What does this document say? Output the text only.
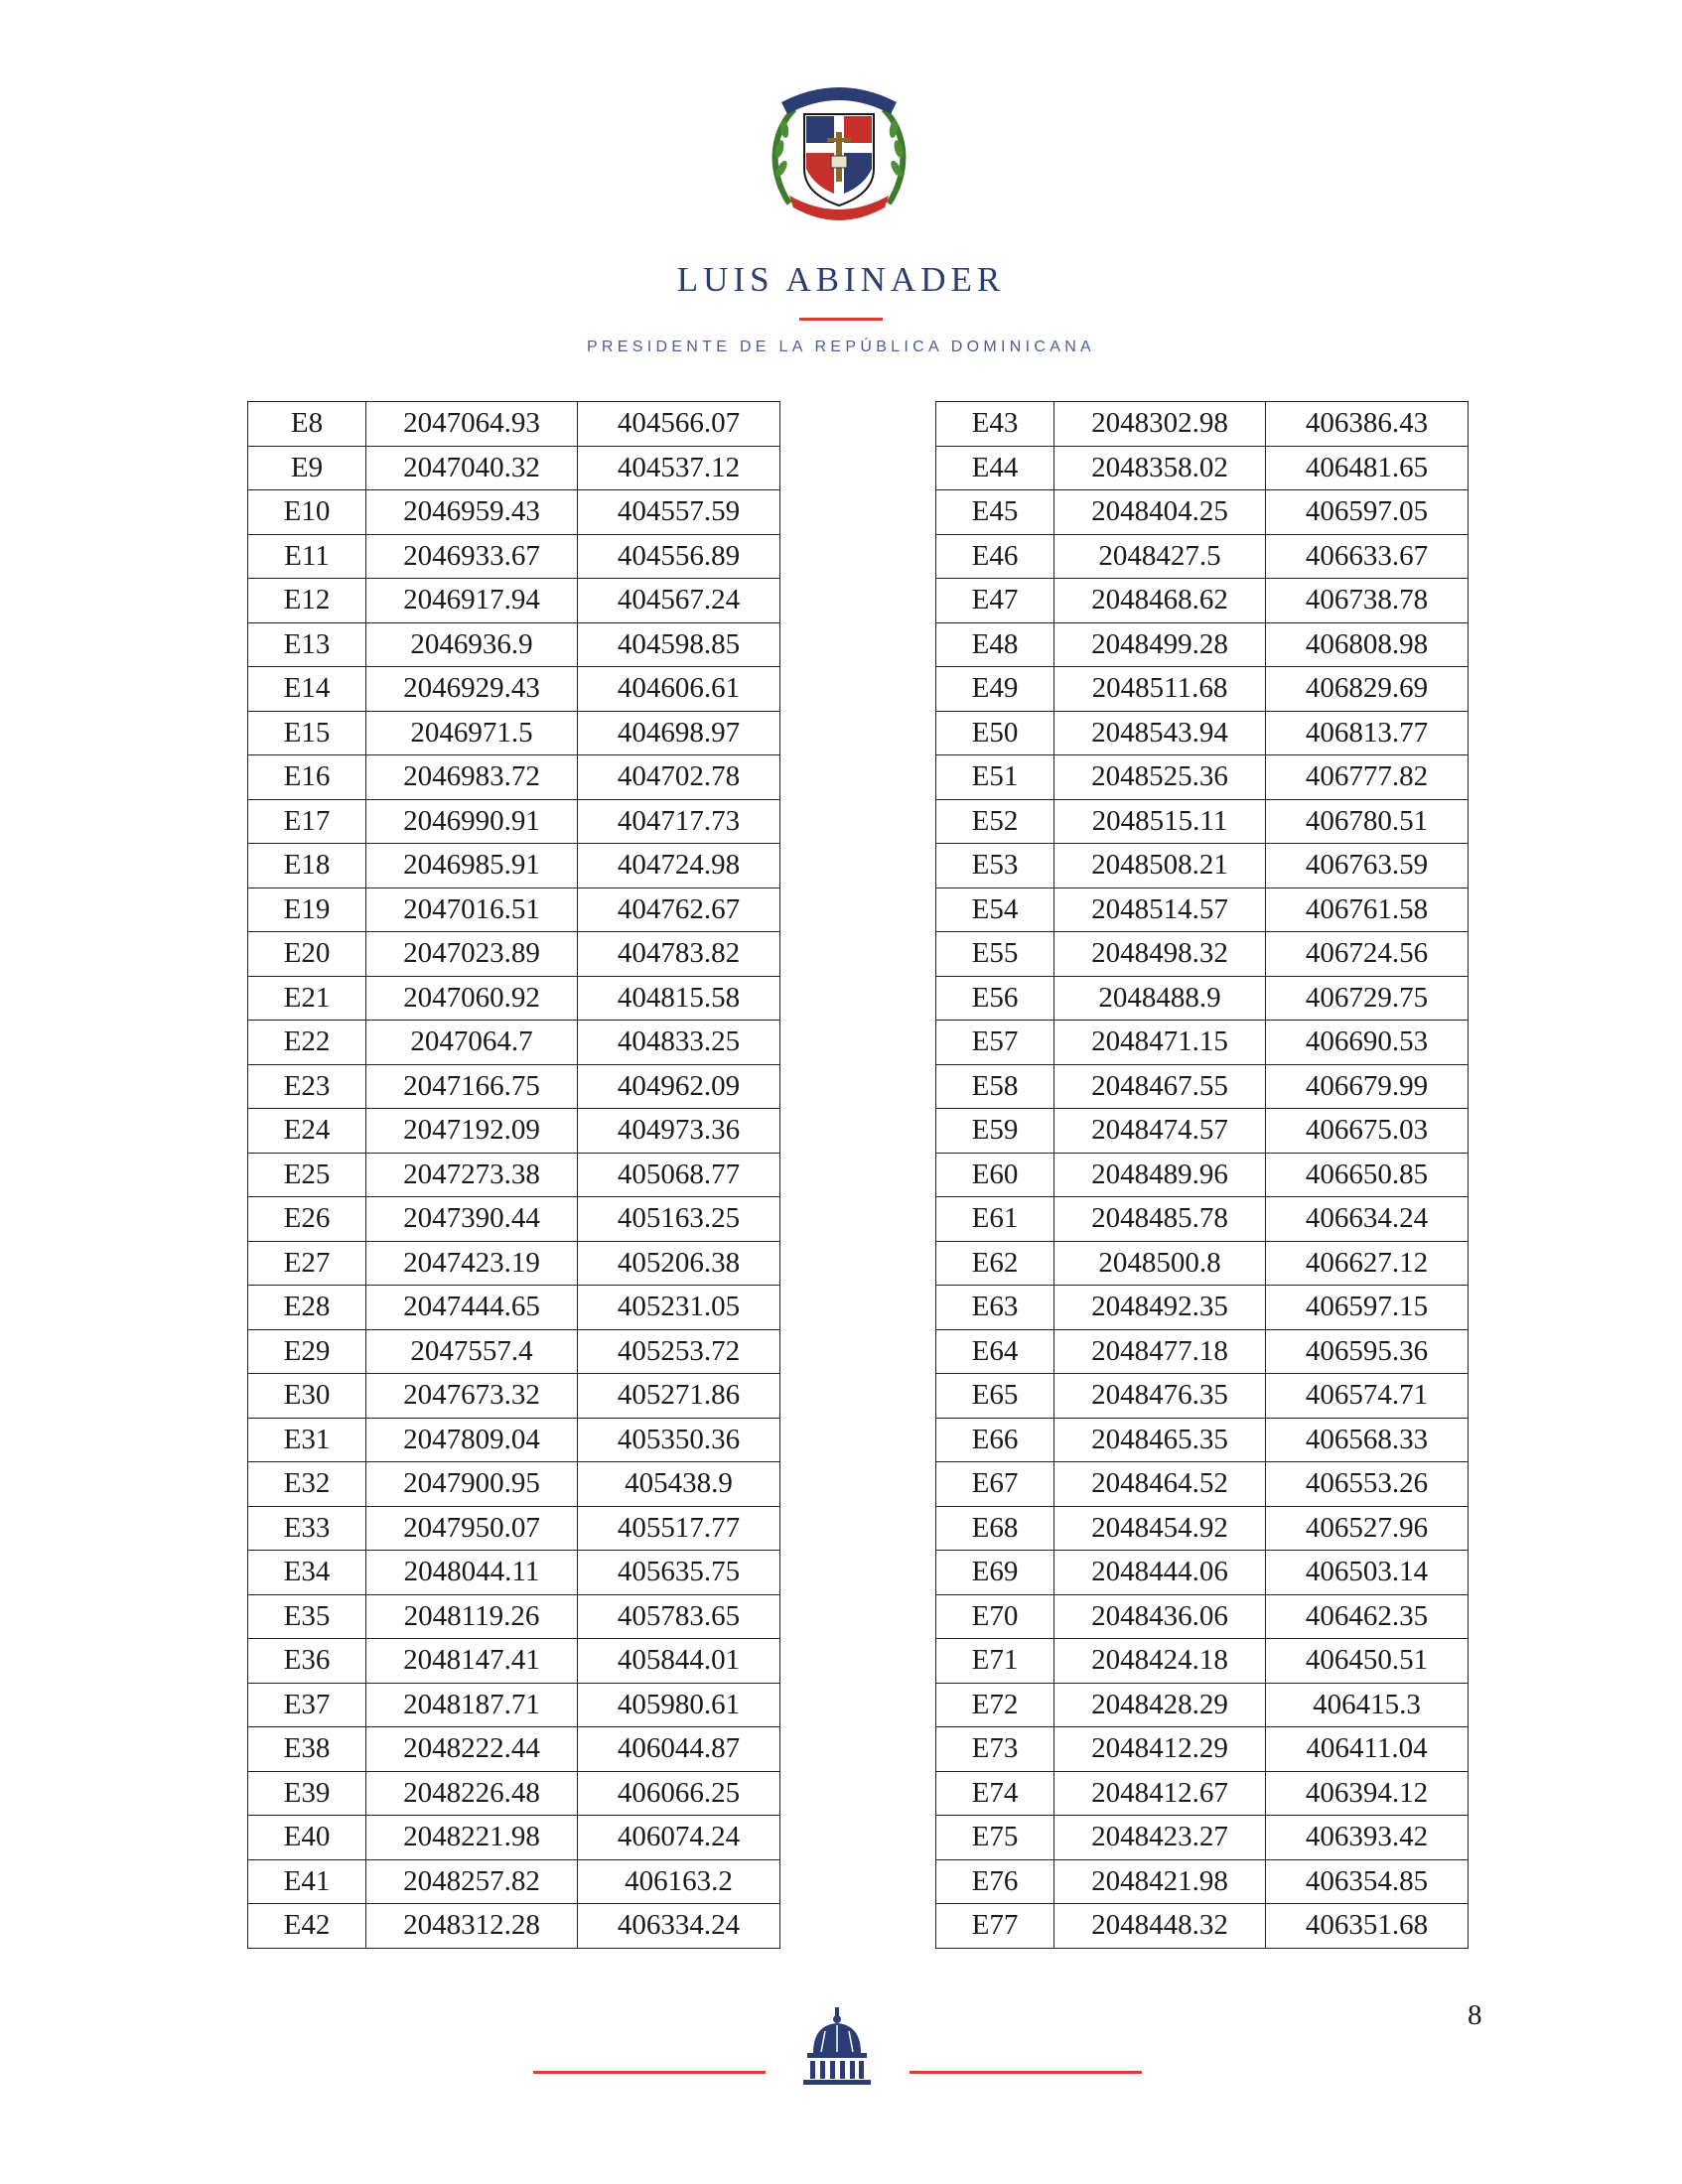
LUIS ABINADER
PRESIDENTE DE LA REPÚBLICA DOMINICANA
E8	2047064.93	404566.07
E9	2047040.32	404537.12
E10	2046959.43	404557.59
E11	2046933.67	404556.89
E12	2046917.94	404567.24
E13	2046936.9	404598.85
E14	2046929.43	404606.61
E15	2046971.5	404698.97
E16	2046983.72	404702.78
E17	2046990.91	404717.73
E18	2046985.91	404724.98
E19	2047016.51	404762.67
E20	2047023.89	404783.82
E21	2047060.92	404815.58
E22	2047064.7	404833.25
E23	2047166.75	404962.09
E24	2047192.09	404973.36
E25	2047273.38	405068.77
E26	2047390.44	405163.25
E27	2047423.19	405206.38
E28	2047444.65	405231.05
E29	2047557.4	405253.72
E30	2047673.32	405271.86
E31	2047809.04	405350.36
E32	2047900.95	405438.9
E33	2047950.07	405517.77
E34	2048044.11	405635.75
E35	2048119.26	405783.65
E36	2048147.41	405844.01
E37	2048187.71	405980.61
E38	2048222.44	406044.87
E39	2048226.48	406066.25
E40	2048221.98	406074.24
E41	2048257.82	406163.2
E42	2048312.28	406334.24
E43	2048302.98	406386.43
E44	2048358.02	406481.65
E45	2048404.25	406597.05
E46	2048427.5	406633.67
E47	2048468.62	406738.78
E48	2048499.28	406808.98
E49	2048511.68	406829.69
E50	2048543.94	406813.77
E51	2048525.36	406777.82
E52	2048515.11	406780.51
E53	2048508.21	406763.59
E54	2048514.57	406761.58
E55	2048498.32	406724.56
E56	2048488.9	406729.75
E57	2048471.15	406690.53
E58	2048467.55	406679.99
E59	2048474.57	406675.03
E60	2048489.96	406650.85
E61	2048485.78	406634.24
E62	2048500.8	406627.12
E63	2048492.35	406597.15
E64	2048477.18	406595.36
E65	2048476.35	406574.71
E66	2048465.35	406568.33
E67	2048464.52	406553.26
E68	2048454.92	406527.96
E69	2048444.06	406503.14
E70	2048436.06	406462.35
E71	2048424.18	406450.51
E72	2048428.29	406415.3
E73	2048412.29	406411.04
E74	2048412.67	406394.12
E75	2048423.27	406393.42
E76	2048421.98	406354.85
E77	2048448.32	406351.68
8
